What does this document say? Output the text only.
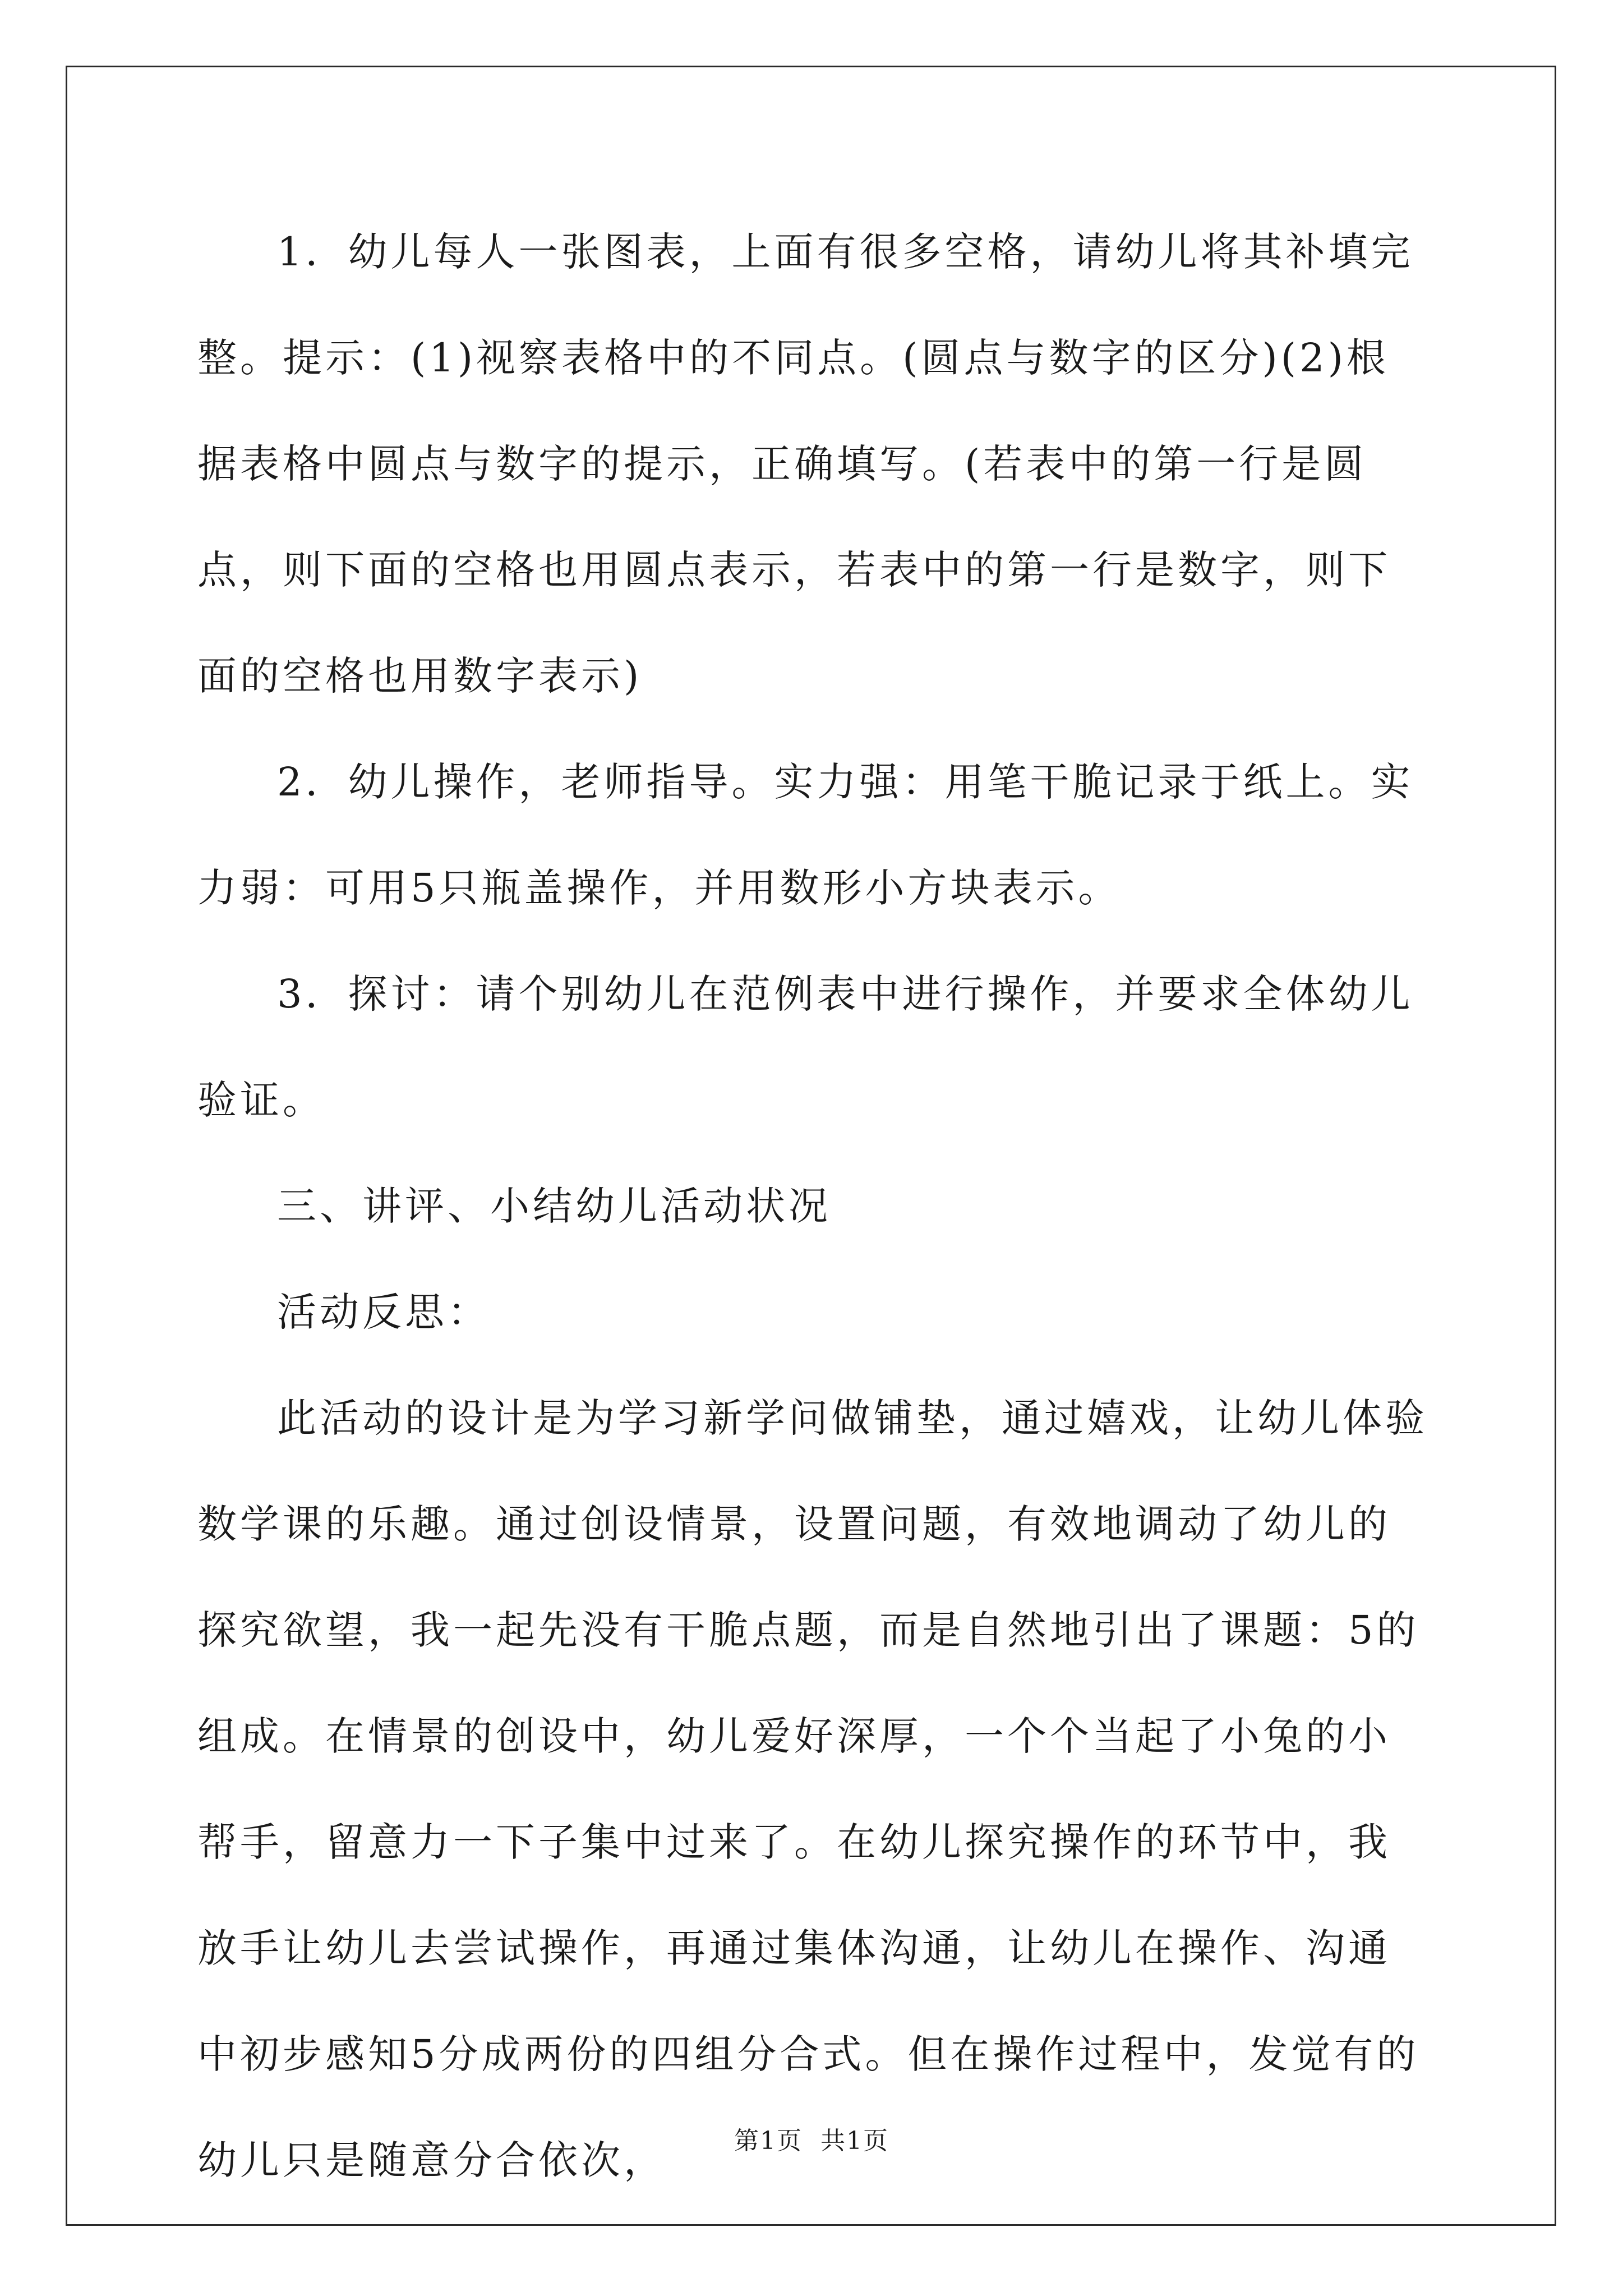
1．幼儿每人一张图表，上面有很多空格，请幼儿将其补填完整。提示：(1)视察表格中的不同点。(圆点与数字的区分)(2)根据表格中圆点与数字的提示，正确填写。(若表中的第一行是圆点，则下面的空格也用圆点表示，若表中的第一行是数字，则下面的空格也用数字表示)

2．幼儿操作，老师指导。实力强：用笔干脆记录于纸上。实力弱：可用5只瓶盖操作，并用数形小方块表示。

3．探讨：请个别幼儿在范例表中进行操作，并要求全体幼儿验证。

三、讲评、小结幼儿活动状况

活动反思：

此活动的设计是为学习新学问做铺垫，通过嬉戏，让幼儿体验数学课的乐趣。通过创设情景，设置问题，有效地调动了幼儿的探究欲望，我一起先没有干脆点题，而是自然地引出了课题：5的组成。在情景的创设中，幼儿爱好深厚，一个个当起了小兔的小帮手，留意力一下子集中过来了。在幼儿探究操作的环节中，我放手让幼儿去尝试操作，再通过集体沟通，让幼儿在操作、沟通中初步感知5分成两份的四组分合式。但在操作过程中，发觉有的幼儿只是随意分合依次，	第1页 共1页
